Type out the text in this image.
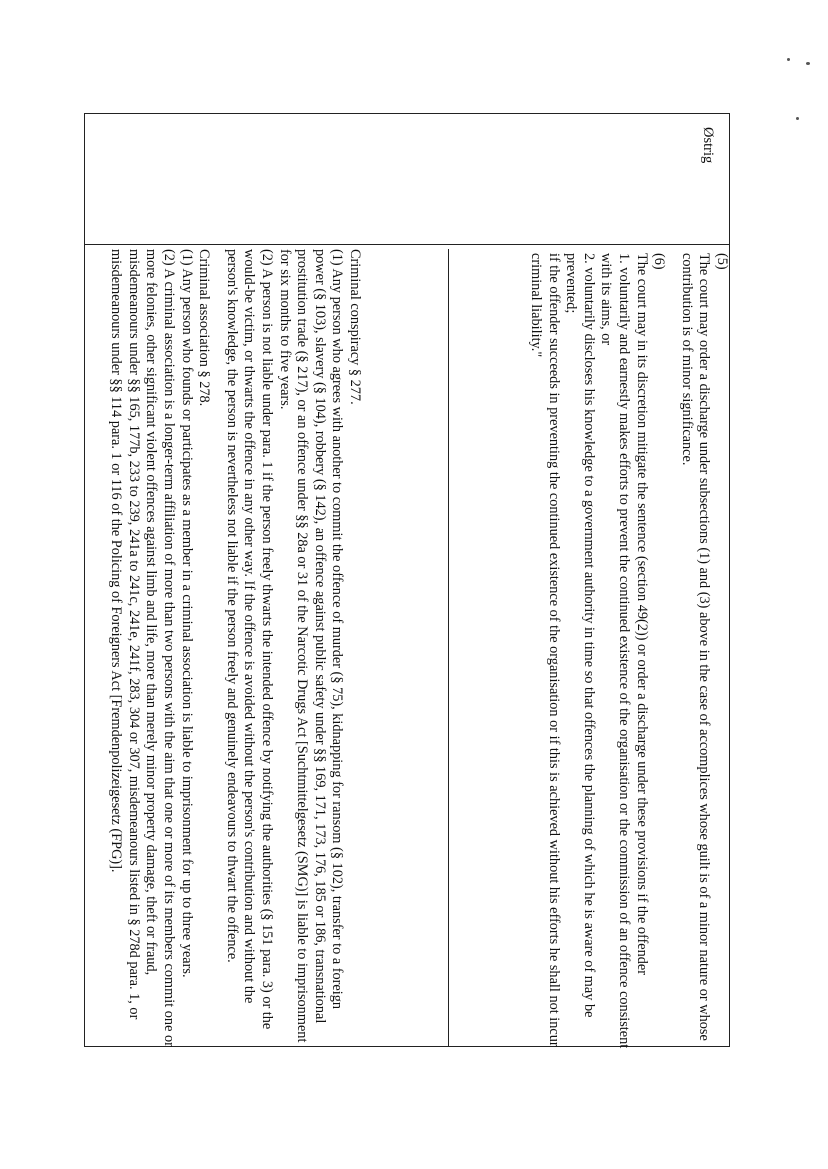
Østrig

(5)

The court may order a discharge under subsections (1) and (3) above in the case of accomplices whose guilt is of a minor nature or whose contribution is of minor significance.

(6)

The court may in its discretion mitigate the sentence (section 49(2)) or order a discharge under these provisions if the offender

1. voluntarily and earnestly makes efforts to prevent the continued existence of the organisation or the commission of an offence consistent with its aims, or

2. voluntarily discloses his knowledge to a government authority in time so that offences the planning of which he is aware of may be prevented;

if the offender succeeds in preventing the continued existence of the organisation or if this is achieved without his efforts he shall not incur criminal liability."

Criminal conspiracy § 277.

(1) Any person who agrees with another to commit the offence of murder (§ 75), kidnapping for ransom (§ 102), transfer to a foreign power (§ 103), slavery (§ 104), robbery (§ 142), an offence against public safety under §§ 169, 171, 173, 176, 185 or 186, transnational prostitution trade (§ 217), or an offence under §§ 28a or 31 of the Narcotic Drugs Act [Suchtmittelgesetz (SMG)] is liable to imprisonment for six months to five years.

(2) A person is not liable under para. 1 if the person freely thwarts the intended offence by notifying the authorities (§ 151 para. 3) or the would-be victim, or thwarts the offence in any other way. If the offence is avoided without the person's contribution and without the person's knowledge, the person is nevertheless not liable if the person freely and genuinely endeavours to thwart the offence.

Criminal association § 278.

(1) Any person who founds or participates as a member in a criminal association is liable to imprisonment for up to three years.

(2) A criminal association is a longer-term affiliation of more than two persons with the aim that one or more of its members commit one or more felonies, other significant violent offences against limb and life, more than merely minor property damage, theft or fraud, misdemeanours under §§ 165, 177b, 233 to 239, 241a to 241c, 241e, 241f, 283, 304 or 307, misdemeanours listed in § 278d para. 1, or misdemeanours under §§ 114 para. 1 or 116 of the Policing of Foreigners Act [Fremdenpolizeigesetz (FPG)].
